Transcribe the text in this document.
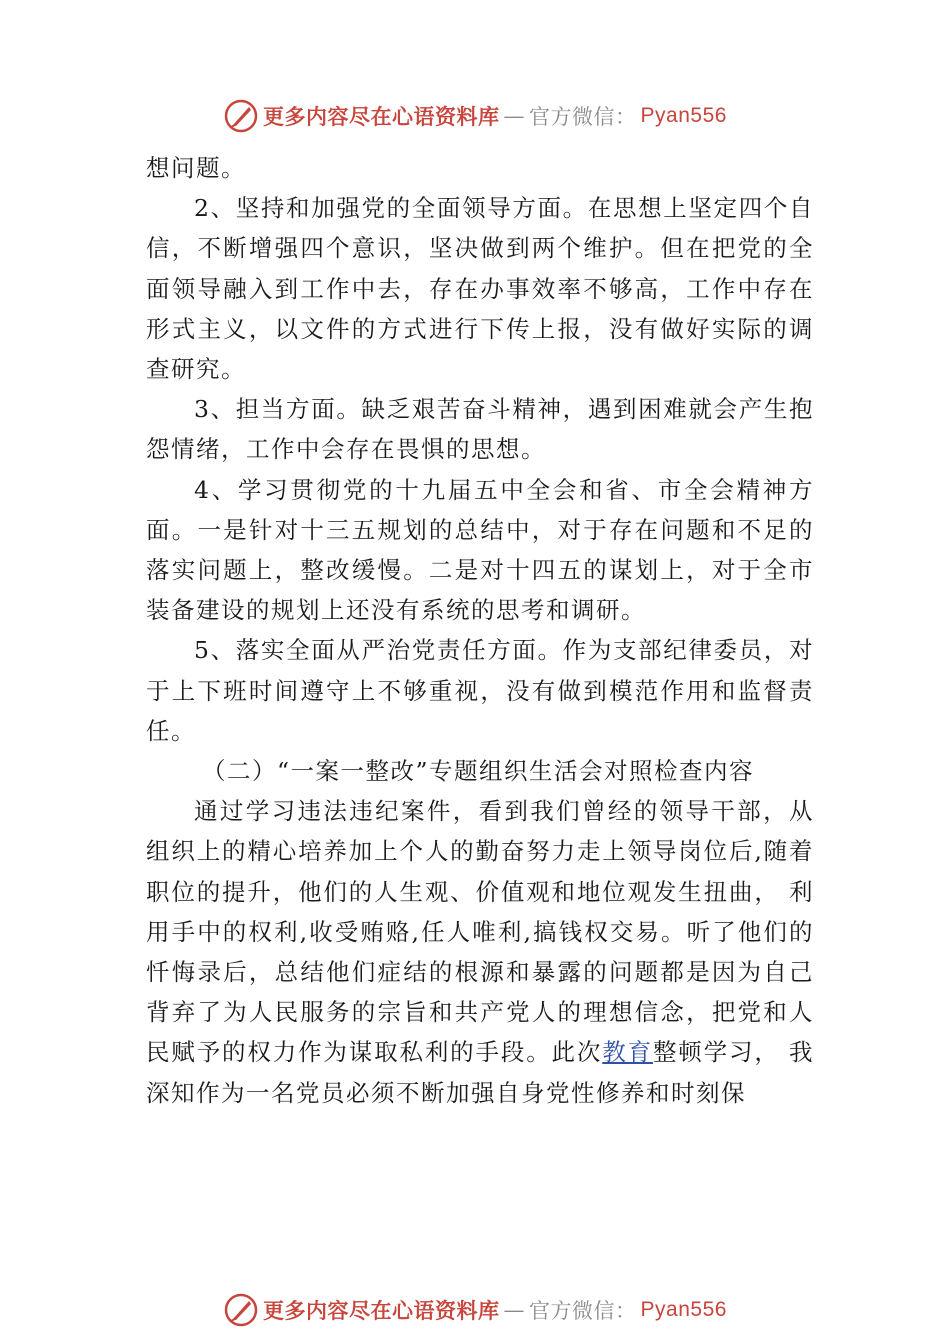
更多内容尽在心语资料库 — 官方微信： Pyan556

想问题。

2、坚持和加强党的全面领导方面。在思想上坚定四个自信，不断增强四个意识，坚决做到两个维护。但在把党的全面领导融入到工作中去，存在办事效率不够高，工作中存在形式主义，以文件的方式进行下传上报，没有做好实际的调查研究。

3、担当方面。缺乏艰苦奋斗精神，遇到困难就会产生抱怨情绪，工作中会存在畏惧的思想。

4、学习贯彻党的十九届五中全会和省、市全会精神方面。一是针对十三五规划的总结中，对于存在问题和不足的落实问题上，整改缓慢。二是对十四五的谋划上，对于全市装备建设的规划上还没有系统的思考和调研。

5、落实全面从严治党责任方面。作为支部纪律委员，对于上下班时间遵守上不够重视，没有做到模范作用和监督责任。

（二）“一案一整改”专题组织生活会对照检查内容

通过学习违法违纪案件，看到我们曾经的领导干部，从组织上的精心培养加上个人的勤奋努力走上领导岗位后,随着职位的提升，他们的人生观、价值观和地位观发生扭曲， 利用手中的权利,收受贿赂,任人唯利,搞钱权交易。听了他们的忏悔录后，总结他们症结的根源和暴露的问题都是因为自己背弃了为人民服务的宗旨和共产党人的理想信念，把党和人民赋予的权力作为谋取私利的手段。此次教育整顿学习， 我深知作为一名党员必须不断加强自身党性修养和时刻保

更多内容尽在心语资料库 — 官方微信： Pyan556
